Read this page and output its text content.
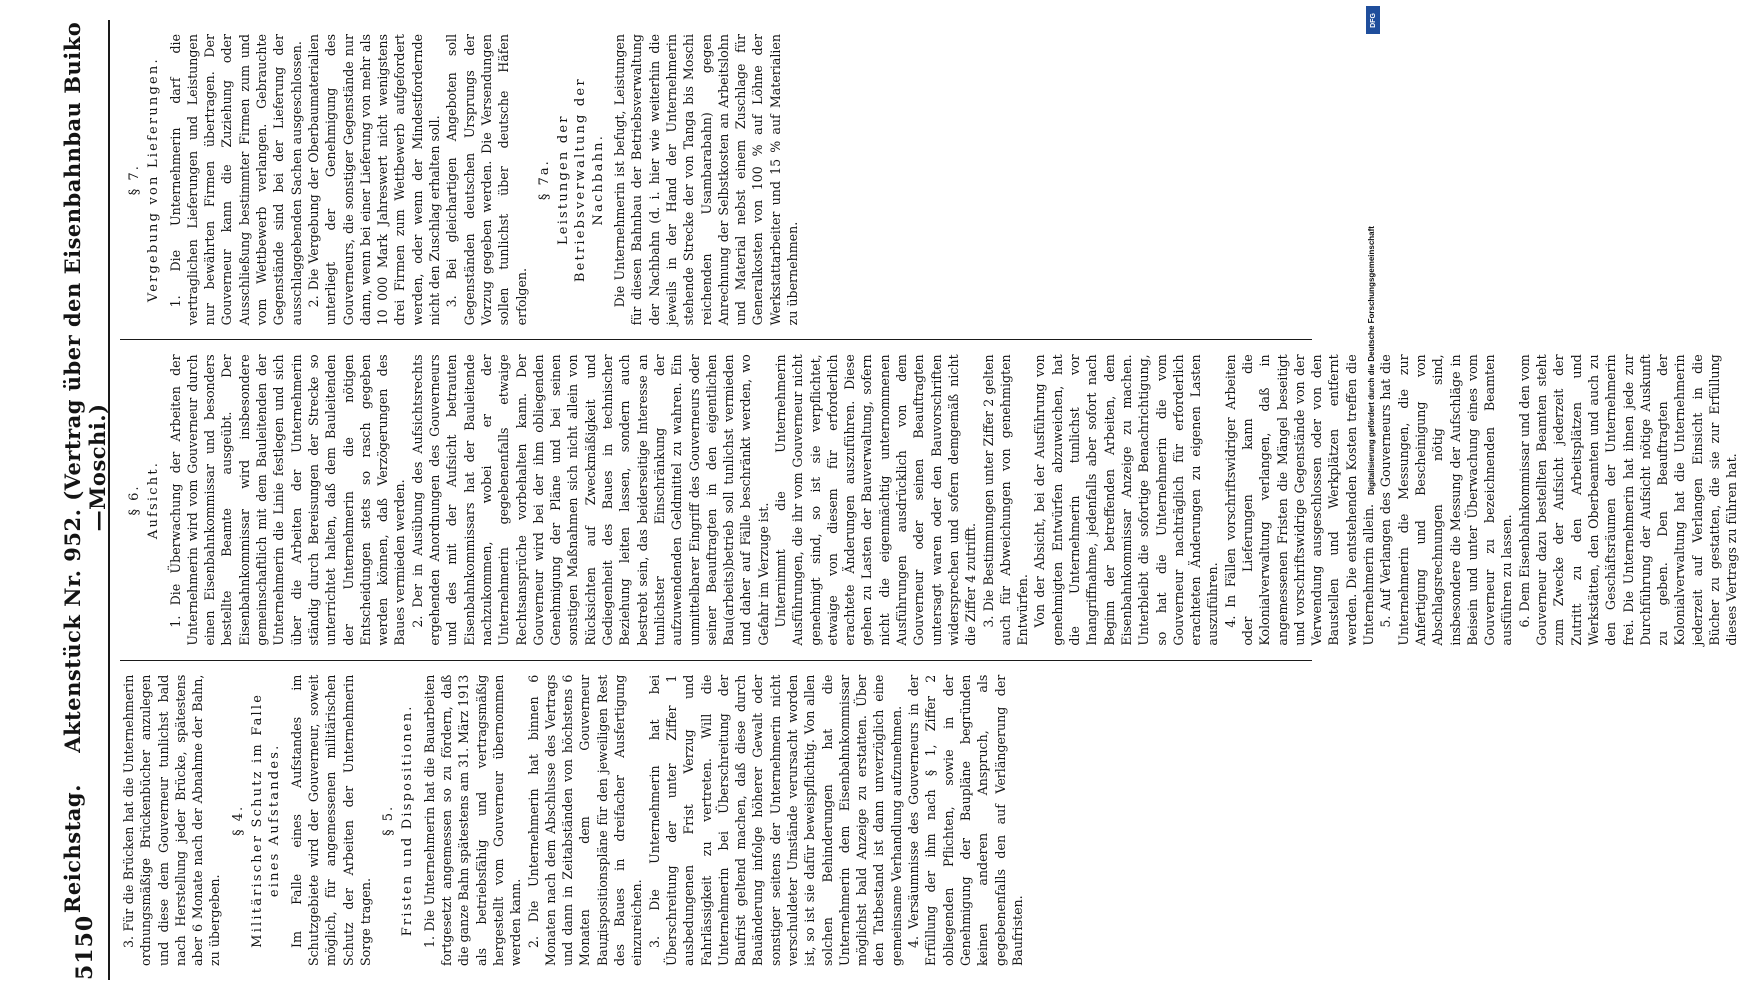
5150
Reichstag.    Aktenstück Nr. 952. (Vertrag über den Eisenbahnbau Buiko—Moschi.)

3. Für die Brücken hat die Unternehmerin ordnungsmäßige Brückenbücher anzulegen und diese dem Gouverneur tunlichst bald nach Herstellung jeder Brücke, spätestens aber 6 Monate nach der Abnahme der Bahn, zu übergeben.

§ 4. Militärischer Schutz im Falle eines Aufstandes. Im Falle eines Aufstandes im Schutzgebiete wird der Gouverneur, soweit möglich, für angemessenen militärischen Schutz der Arbeiten der Unternehmerin Sorge tragen.

§ 5. Fristen und Dispositionen. 1. Die Unternehmerin hat die Bauarbeiten fortgesetzt angemessen so zu fördern, daß die ganze Bahn spätestens am 31. März 1913 als betriebsfähig und vertragsmäßig hergestellt vom Gouverneur übernommen werden kann. 2. Die Unternehmerin hat binnen 6 Monaten nach dem Abschlusse des Vertrags und dann in Zeitabständen von höchstens 6 Monaten dem Gouverneur Bauдispositionspläne für den jeweiligen Rest des Baues in dreifacher Ausfertigung einzureichen. 3. Die Unternehmerin hat bei Überschreitung der unter Ziffer 1 ausbedungenen Frist Verzug und Fahrlässigkeit zu vertreten. Will die Unternehmerin bei Überschreitung der Baufrist geltend machen, daß diese durch Bauänderung infolge höherer Gewalt oder sonstiger seitens der Unternehmerin nicht verschuldeter Umstände verursacht worden ist, so ist sie dafür beweispflichtig. Von allen solchen Behinderungen hat die Unternehmerin dem Eisenbahnkommissar möglichst bald Anzeige zu erstatten. Über den Tatbestand ist dann unverzüglich eine gemeinsame Verhandlung aufzunehmen. 4. Versäumnisse des Gouverneurs in der Erfüllung der ihm nach § 1, Ziffer 2 obliegenden Pflichten, sowie in der Genehmigung der Baupläne begründen keinen anderen Anspruch, als gegebenenfalls den auf Verlängerung der Baufristen.

§ 6. Aufsicht. 1. Die Überwachung der Arbeiten der Unternehmerin wird vom Gouverneur durch einen Eisenbahnkommissar und besonders bestellte Beamte ausgeübt. Der Eisenbahnkommissar wird insbesondere gemeinschaftlich mit dem Bauleitenden der Unternehmerin die Linie festlegen und sich über die Arbeiten der Unternehmerin ständig durch Bereisungen der Strecke so unterrichtet halten, daß dem Bauleitenden der Unternehmerin die nötigen Entscheidungen stets so rasch gegeben werden können, daß Verzögerungen des Baues vermieden werden. 2. Der in Ausübung des Aufsichtsrechts ergehenden Anordnungen des Gouverneurs und des mit der Aufsicht betrauten Eisenbahnkommissars hat der Bauleitende nachzukommen, wobei er der Unternehmerin gegebenenfalls etwaige Rechtsansprüche vorbehalten kann. Der Gouverneur wird bei der ihm obliegenden Genehmigung der Pläne und bei seinen sonstigen Maßnahmen sich nicht allein von Rücksichten auf Zweckmäßigkeit und Gediegenheit des Baues in technischer Beziehung leiten lassen, sondern auch bestrebt sein, das beiderseitige Interesse an tunlichster Einschränkung der aufzuwendenden Geldmittel zu wahren. Ein unmittelbarer Eingriff des Gouverneurs oder seiner Beauftragten in den eigentlichen Bau(arbeits)betrieb soll tunlichst vermieden und daher auf Fälle beschränkt werden, wo Gefahr im Verzuge ist. Unternimmt die Unternehmerin Ausführungen, die ihr vom Gouverneur nicht genehmigt sind, so ist sie verpflichtet, etwaige von diesem für erforderlich erachtete Änderungen auszuführen. Diese gehen zu Lasten der Bauverwaltung, sofern nicht die eigenmächtig unternommenen Ausführungen ausdrücklich von dem Gouverneur oder seinen Beauftragten untersagt waren oder den Bauvorschriften widersprechen und sofern demgemäß nicht die Ziffer 4 zutrifft. 3. Die Bestimmungen unter Ziffer 2 gelten auch für Abweichungen von genehmigten Entwürfen. Von der Absicht, bei der Ausführung von genehmigten Entwürfen abzuweichen, hat die Unternehmerin tunlichst vor Inangriffnahme, jedenfalls aber sofort nach Beginn der betreffenden Arbeiten, dem Eisenbahnkommissar Anzeige zu machen. Unterbleibt die sofortige Benachrichtigung, so hat die Unternehmerin die vom Gouverneur nachträglich für erforderlich erachteten Änderungen zu eigenen Lasten auszuführen. 4. In Fällen vorschriftswidriger Arbeiten oder Lieferungen kann die Kolonialverwaltung verlangen, daß in angemessenen Fristen die Mängel beseitigt und vorschriftswidrige Gegenstände von der Verwendung ausgeschlossen oder von den Baustellen und Werkplätzen entfernt werden. Die entstehenden Kosten treffen die Unternehmerin allein. 5. Auf Verlangen des Gouverneurs hat die Unternehmerin die Messungen, die zur Anfertigung und Bescheinigung von Abschlagsrechnungen nötig sind, insbesondere die Messung der Aufschläge in Beisein und unter Überwachung eines vom Gouverneur zu bezeichnenden Beamten ausführen zu lassen. 6. Dem Eisenbahnkommissar und den vom Gouverneur dazu bestellten Beamten steht zum Zwecke der Aufsicht jederzeit der Zutritt zu den Arbeitsplätzen und Werkstätten, den Oberbeamten und auch zu den Geschäftsräumen der Unternehmerin frei. Die Unternehmerin hat ihnen jede zur Durchführung der Aufsicht nötige Auskunft zu geben. Den Beauftragten der Kolonialverwaltung hat die Unternehmerin jederzeit auf Verlangen Einsicht in die Bücher zu gestatten, die sie zur Erfüllung dieses Vertrags zu führen hat.

§ 7. Vergebung von Lieferungen. 1. Die Unternehmerin darf die vertraglichen Lieferungen und Leistungen nur bewährten Firmen übertragen. Der Gouverneur kann die Zuziehung oder Ausschließung bestimmter Firmen zum und vom Wettbewerb verlangen. Gebrauchte Gegenstände sind bei der Lieferung der ausschlaggebenden Sachen ausgeschlossen. 2. Die Vergebung der Oberbaumaterialien unterliegt der Genehmigung des Gouverneurs, die sonstiger Gegenstände nur dann, wenn bei einer Lieferung von mehr als 10 000 Mark Jahreswert nicht wenigstens drei Firmen zum Wettbewerb aufgefordert werden, oder wenn der Mindestfordernde nicht den Zuschlag erhalten soll. 3. Bei gleichartigen Angeboten soll Gegenständen deutschen Ursprungs der Vorzug gegeben werden. Die Versendungen sollen tunlichst über deutsche Häfen erfolgen.

§ 7a. Leistungen der Betriebsverwaltung der Nachbahn. Die Unternehmerin ist befugt, Leistungen für diesen Bahnbau der Betriebsverwaltung der Nachbahn (d. i. hier wie weiterhin die jeweils in der Hand der Unternehmerin stehende Strecke der von Tanga bis Moschi reichenden Usambarabahn) gegen Anrechnung der Selbstkosten an Arbeitslohn und Material nebst einem Zuschlage für Generalkosten von 100 % auf Löhne der Werkstattarbeiter und 15 % auf Materialien zu übernehmen.

DFG
Digitalisierung gefördert durch die Deutsche Forschungsgemeinschaft
